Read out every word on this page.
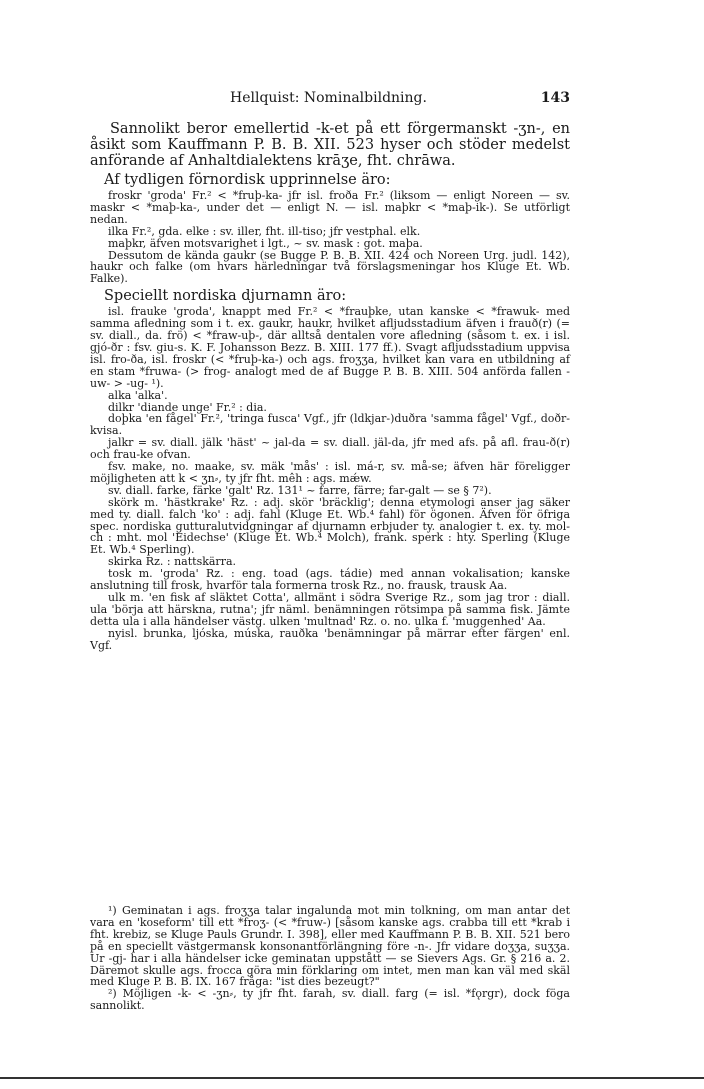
Hellquist: Nominalbildning.	143

Sannolikt beror emellertid -k-et på ett förgermanskt -ʒn-, en åsikt som Kauffmann P. B. B. XII. 523 hyser och stöder medelst anförande af Anhaltdialektens krāʒe, fht. chrāwa.

Af tydligen förnordisk upprinnelse äro:

froskr 'groda' Fr.² < *fruþ-ka- jfr isl. froða Fr.² (liksom — enligt Noreen — sv. maskr < *maþ-ka-, under det — enligt N. — isl. maþkr < *maþ-ik-). Se utförligt nedan.

ilka Fr.², gda. elke : sv. iller, fht. ill-tiso; jfr vestphal. elk.

maþkr, äfven motsvarighet i lgt., ~ sv. mask : got. maþa.

Dessutom de kända gaukr (se Bugge P. B. B. XII. 424 och Noreen Urg. judl. 142), haukr och falke (om hvars härledningar två förslagsmeningar hos Kluge Et. Wb. Falke).

Speciellt nordiska djurnamn äro:

isl. frauke 'groda', knappt med Fr.² < *frauþke, utan kanske < *frawuk- med samma afledning som i t. ex. gaukr, haukr, hvilket afljudsstadium äfven i frauð(r) (= sv. diall., da. frö) < *fraw-uþ-, där alltså dentalen vore afledning (såsom t. ex. i isl. gjó-ðr : fsv. giu-s. K. F. Johansson Bezz. B. XIII. 177 ff.). Svagt afljudsstadium uppvisa isl. fro-ða, isl. froskr (< *fruþ-ka-) och ags. froʒʒa, hvilket kan vara en utbildning af en stam *fruwa- (> frog- analogt med de af Bugge P. B. B. XIII. 504 anförda fallen -uw- > -ug- ¹).

alka 'alka'.

dilkr 'diande unge' Fr.² : dia.

doþka 'en fågel' Fr.², 'tringa fusca' Vgf., jfr (ldkjar-)duðra 'samma fågel' Vgf., doðr-kvisa.

jalkr = sv. diall. jälk 'häst' ~ jal-da = sv. diall. jäl-da, jfr med afs. på afl. frau-ð(r) och frau-ke ofvan.

fsv. make, no. maake, sv. mäk 'mås' : isl. má-r, sv. må-se; äfven här föreligger möjligheten att k < ʒn⸗, ty jfr fht. mêh : ags. mǽw.

sv. diall. farke, färke 'galt' Rz. 131¹ ~ farre, färre; far-galt — se § 7²).

skörk m. 'hästkrake' Rz. : adj. skör 'bräcklig'; denna etymologi anser jag säker med ty. diall. falch 'ko' : adj. fahl (Kluge Et. Wb.⁴ fahl) för ögonen. Äfven för öfriga spec. nordiska gutturalutvidgningar af djurnamn erbjuder ty. analogier t. ex. ty. mol-ch : mht. mol 'Eidechse' (Kluge Et. Wb.⁴ Molch), frank. sperk : hty. Sperling (Kluge Et. Wb.⁴ Sperling).

skirka Rz. : nattskärra.

tosk m. 'groda' Rz. : eng. toad (ags. tádie) med annan vokalisation; kanske anslutning till frosk, hvarför tala formerna trosk Rz., no. frausk, trausk Aa.

ulk m. 'en fisk af släktet Cotta', allmänt i södra Sverige Rz., som jag tror : diall. ula 'börja att härskna, rutna'; jfr näml. benämningen rötsimpa på samma fisk. Jämte detta ula i alla händelser västg. ulken 'multnad' Rz. o. no. ulka f. 'muggenhed' Aa.

nyisl. brunka, ljóska, múska, rauðka 'benämningar på märrar efter färgen' enl. Vgf.

¹) Geminatan i ags. froʒʒa talar ingalunda mot min tolkning, om man antar det vara en 'koseform' till ett *froʒ- (< *fruw-) [såsom kanske ags. crabba till ett *krab i fht. krebiz, se Kluge Pauls Grundr. I. 398], eller med Kauffmann P. B. B. XII. 521 bero på en speciellt västgermansk konsonantförlängning före -n-. Jfr vidare doʒʒa, suʒʒa. Ur -gj- har i alla händelser icke geminatan uppstått — se Sievers Ags. Gr. § 216 a. 2. Däremot skulle ags. frocca göra min förklaring om intet, men man kan väl med skäl med Kluge P. B. B. IX. 167 fråga: "ist dies bezeugt?"

²) Möjligen -k- < -ʒn⸗, ty jfr fht. farah, sv. diall. farg (= isl. *fǫrgr), dock föga sannolikt.
